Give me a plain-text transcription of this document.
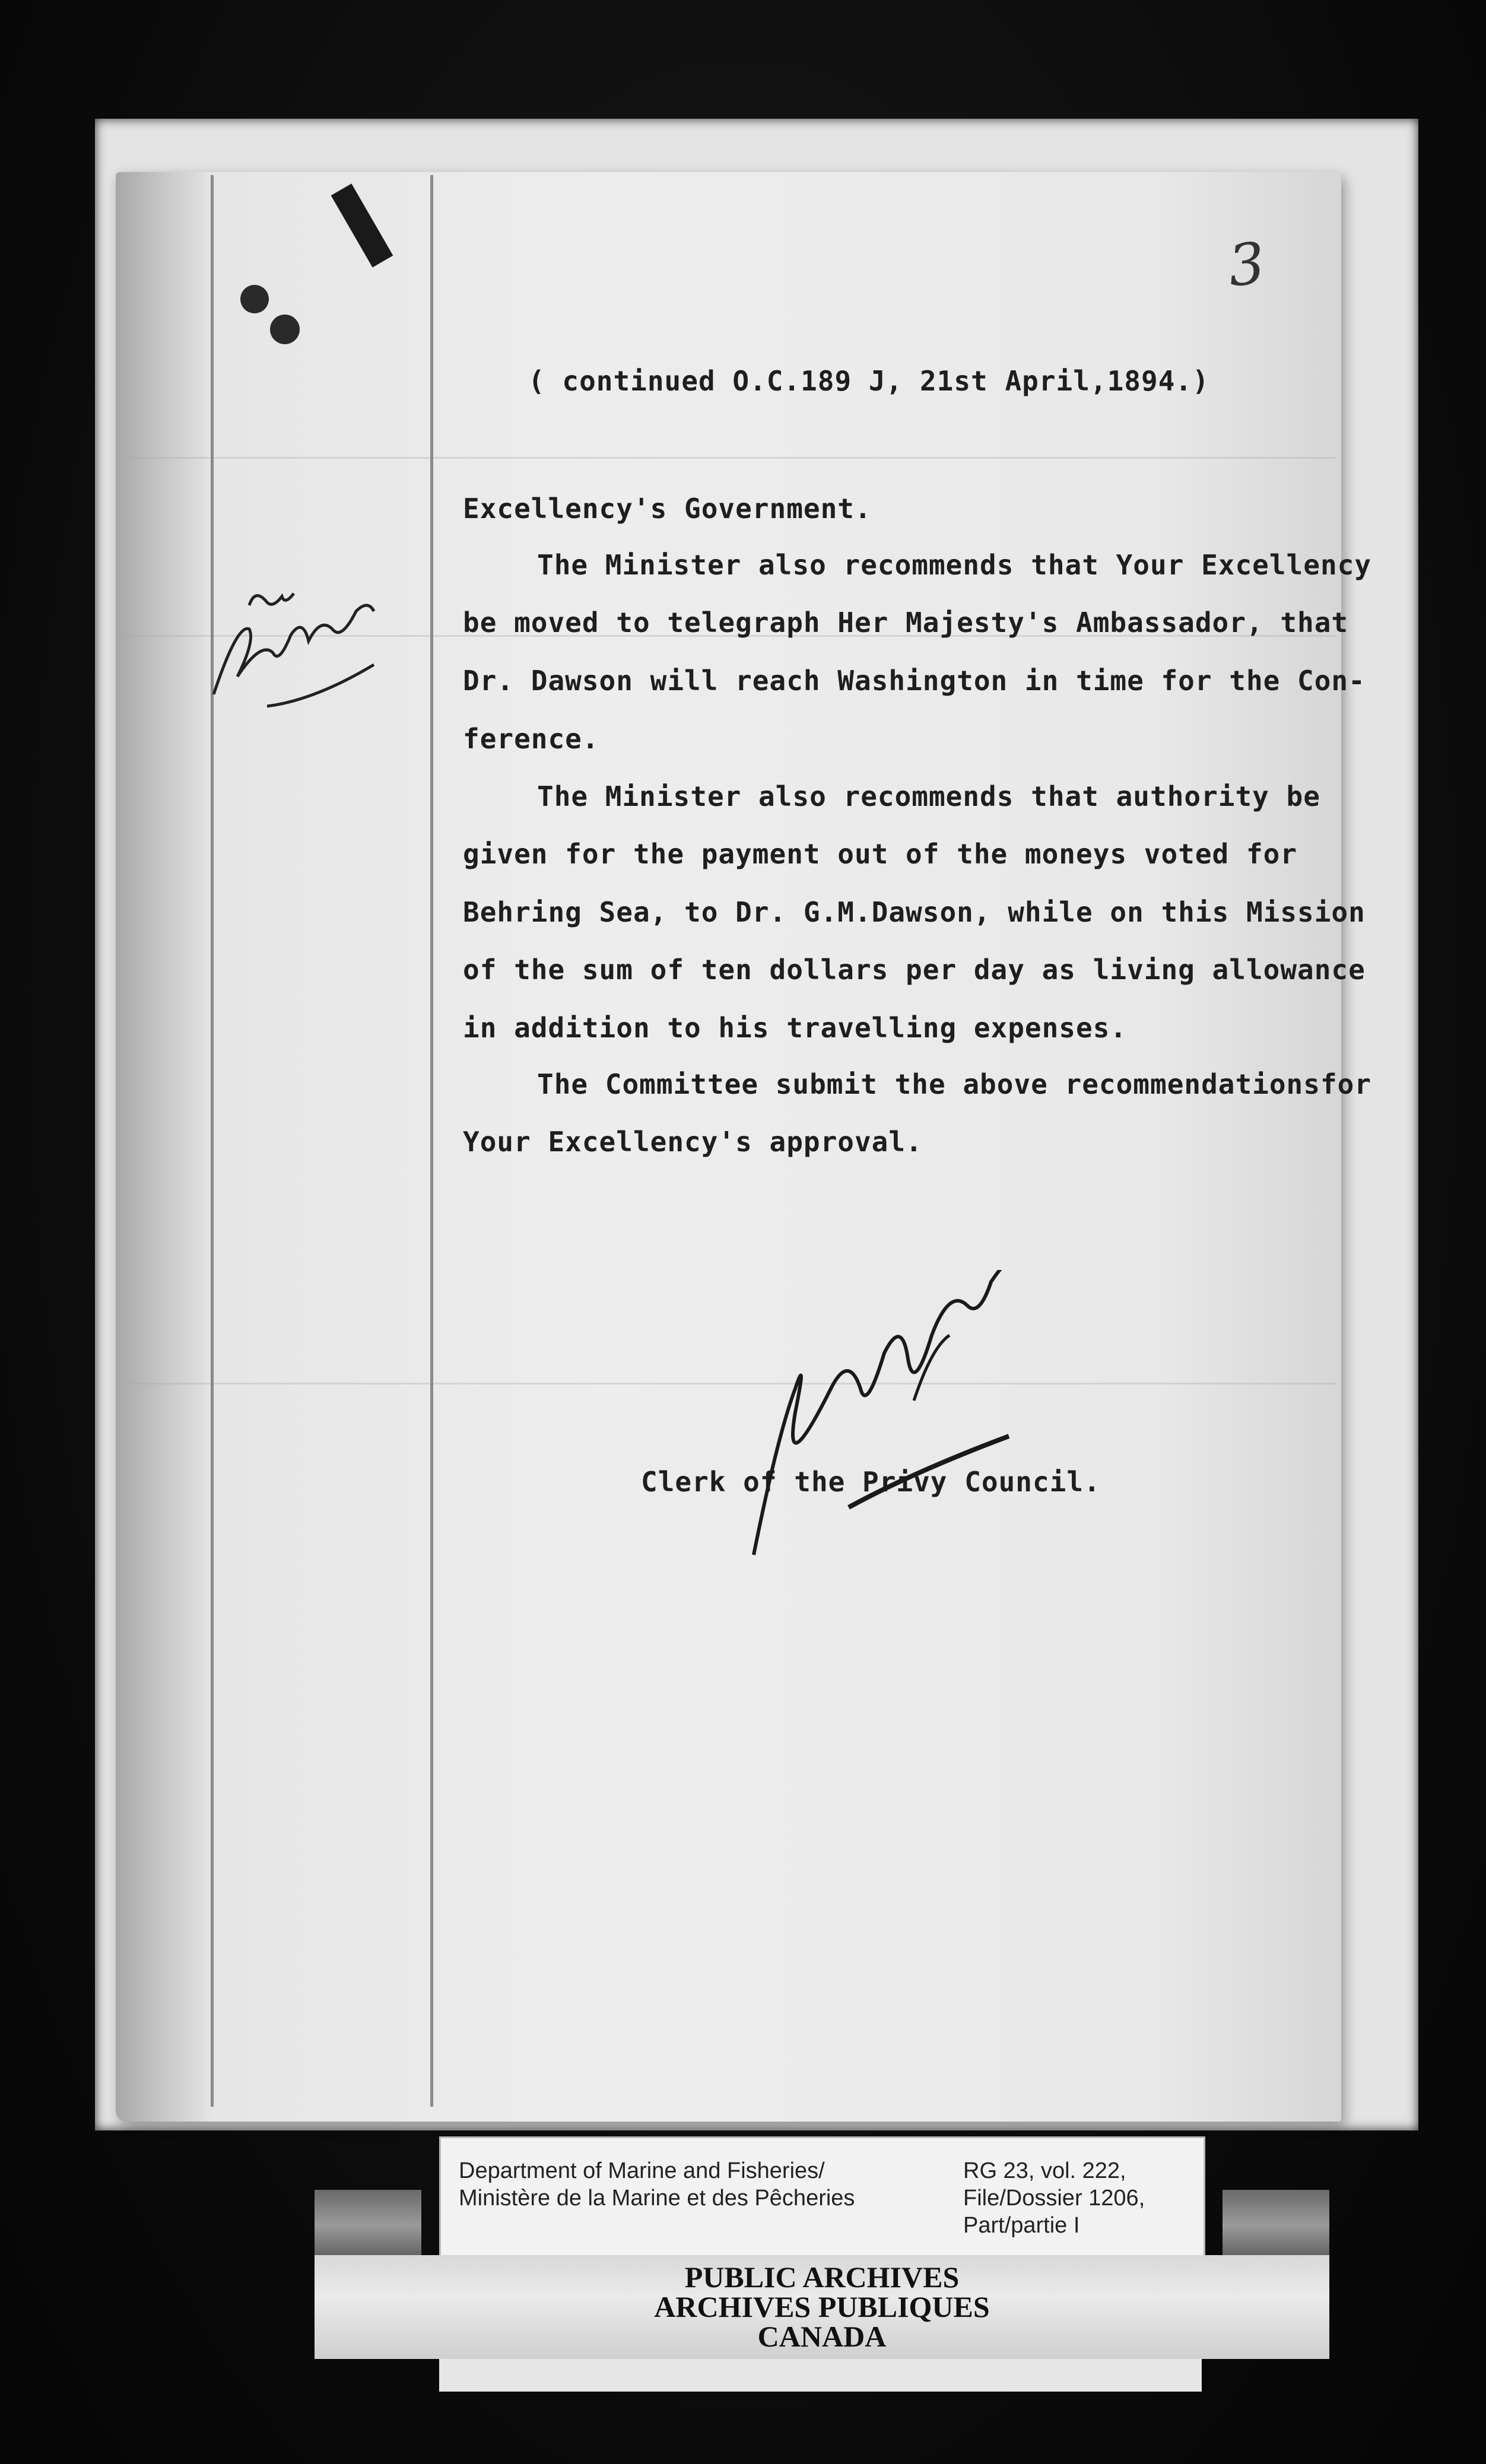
3
( continued O.C.189 J, 21st April,1894.)
Excellency's Government.
The Minister also recommends that Your Excellency
be moved to telegraph Her Majesty's Ambassador, that
Dr. Dawson will reach Washington in time for the Con-
ference.
The Minister also recommends that authority be
given for the payment out of the moneys voted for
Behring Sea, to Dr. G.M.Dawson, while on this Mission
of the sum of ten dollars per day as living allowance
in addition to his travelling expenses.
The Committee submit the above recommendationsfor
Your Excellency's approval.
Clerk of the Privy Council.
Department of Marine and Fisheries/
Ministère de la Marine et des Pêcheries
RG 23, vol. 222,
File/Dossier 1206,
Part/partie I
PUBLIC ARCHIVES
ARCHIVES PUBLIQUES
CANADA
